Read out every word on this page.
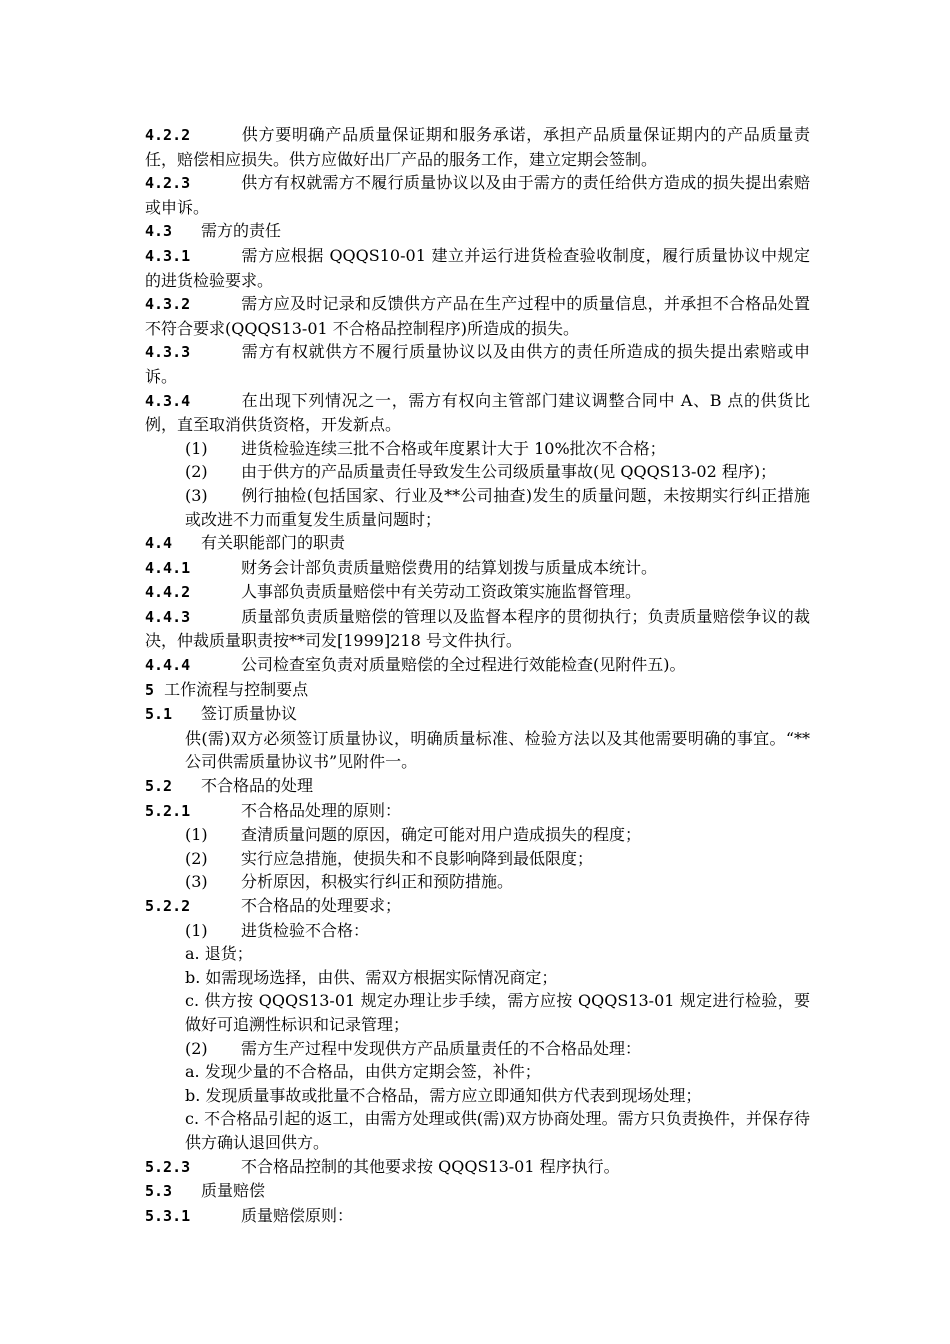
4.2.2	供方要明确产品质量保证期和服务承诺，承担产品质量保证期内的产品质量责任，赔偿相应损失。供方应做好出厂产品的服务工作，建立定期会签制。

4.2.3	供方有权就需方不履行质量协议以及由于需方的责任给供方造成的损失提出索赔或申诉。

4.3 需方的责任

4.3.1	需方应根据 QQQS10-01 建立并运行进货检查验收制度，履行质量协议中规定的进货检验要求。

4.3.2	需方应及时记录和反馈供方产品在生产过程中的质量信息，并承担不合格品处置不符合要求(QQQS13-01 不合格品控制程序)所造成的损失。

4.3.3	需方有权就供方不履行质量协议以及由供方的责任所造成的损失提出索赔或申诉。

4.3.4	在出现下列情况之一，需方有权向主管部门建议调整合同中 A、B 点的供货比例，直至取消供货资格，开发新点。

(1) 进货检验连续三批不合格或年度累计大于 10%批次不合格；

(2) 由于供方的产品质量责任导致发生公司级质量事故(见 QQQS13-02 程序)；

(3) 例行抽检(包括国家、行业及**公司抽查)发生的质量问题，未按期实行纠正措施或改进不力而重复发生质量问题时；

4.4 有关职能部门的职责

4.4.1	财务会计部负责质量赔偿费用的结算划拨与质量成本统计。

4.4.2	人事部负责质量赔偿中有关劳动工资政策实施监督管理。

4.4.3	质量部负责质量赔偿的管理以及监督本程序的贯彻执行；负责质量赔偿争议的裁决，仲裁质量职责按**司发[1999]218 号文件执行。

4.4.4	公司检查室负责对质量赔偿的全过程进行效能检查(见附件五)。

5 工作流程与控制要点

5.1 签订质量协议

供(需)双方必须签订质量协议，明确质量标准、检验方法以及其他需要明确的事宜。“**公司供需质量协议书”见附件一。

5.2 不合格品的处理

5.2.1	不合格品处理的原则：

(1) 查清质量问题的原因，确定可能对用户造成损失的程度；

(2) 实行应急措施，使损失和不良影响降到最低限度；

(3) 分析原因，积极实行纠正和预防措施。

5.2.2	不合格品的处理要求；

(1) 进货检验不合格：

a. 退货；

b. 如需现场选择，由供、需双方根据实际情况商定；

c. 供方按 QQQS13-01 规定办理让步手续，需方应按 QQQS13-01 规定进行检验，要做好可追溯性标识和记录管理；

(2) 需方生产过程中发现供方产品质量责任的不合格品处理：

a. 发现少量的不合格品，由供方定期会签，补件；

b. 发现质量事故或批量不合格品，需方应立即通知供方代表到现场处理；

c. 不合格品引起的返工，由需方处理或供(需)双方协商处理。需方只负责换件，并保存待供方确认退回供方。

5.2.3	不合格品控制的其他要求按 QQQS13-01 程序执行。

5.3 质量赔偿

5.3.1	质量赔偿原则：
